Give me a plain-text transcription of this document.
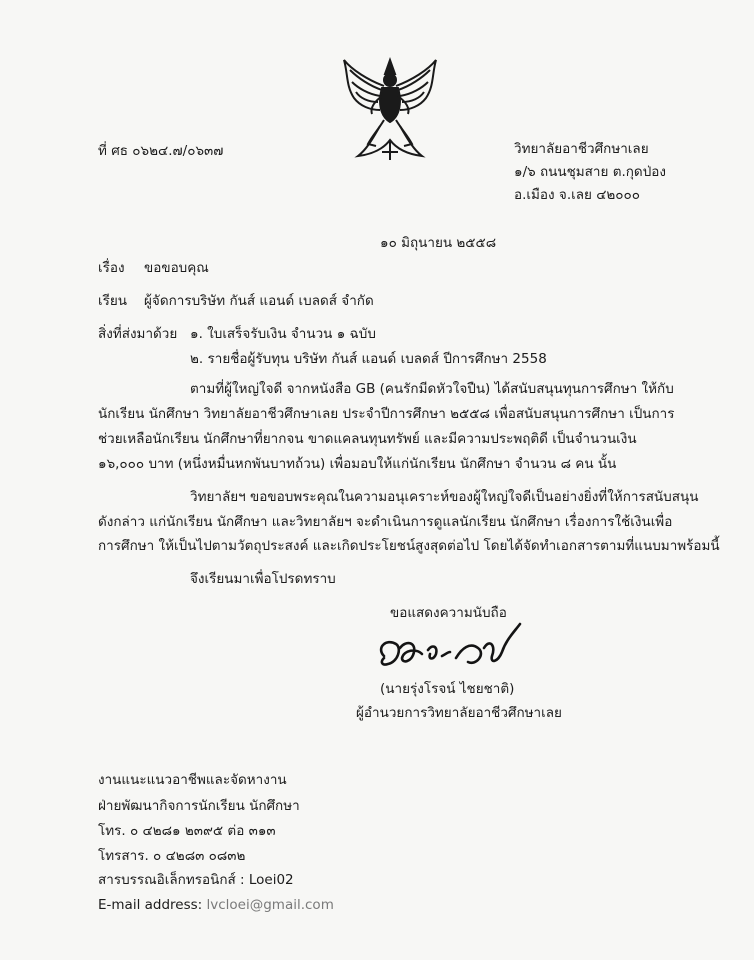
ที่ ศธ ๐๖๒๔.๗/๐๖๓๗	วิทยาลัยอาชีวศึกษาเลย
๑/๖ ถนนชุมสาย ต.กุดป่อง
อ.เมือง จ.เลย ๔๒๐๐๐
๑๐ มิถุนายน ๒๕๕๘
เรื่อง ขอขอบคุณ
เรียน ผู้จัดการบริษัท กันส์ แอนด์ เบลดส์ จำกัด
สิ่งที่ส่งมาด้วย ๑. ใบเสร็จรับเงิน จำนวน ๑ ฉบับ
๒. รายชื่อผู้รับทุน บริษัท กันส์ แอนด์ เบลดส์ ปีการศึกษา 2558
ตามที่ผู้ใหญ่ใจดี จากหนังสือ GB (คนรักมีดหัวใจปืน) ได้สนับสนุนทุนการศึกษา ให้กับ
นักเรียน นักศึกษา วิทยาลัยอาชีวศึกษาเลย ประจำปีการศึกษา ๒๕๕๘ เพื่อสนับสนุนการศึกษา เป็นการ
ช่วยเหลือนักเรียน นักศึกษาที่ยากจน ขาดแคลนทุนทรัพย์ และมีความประพฤติดี เป็นจำนวนเงิน
๑๖,๐๐๐ บาท (หนึ่งหมื่นหกพันบาทถ้วน) เพื่อมอบให้แก่นักเรียน นักศึกษา จำนวน ๘ คน นั้น
วิทยาลัยฯ ขอขอบพระคุณในความอนุเคราะห์ของผู้ใหญ่ใจดีเป็นอย่างยิ่งที่ให้การสนับสนุน
ดังกล่าว แก่นักเรียน นักศึกษา และวิทยาลัยฯ จะดำเนินการดูแลนักเรียน นักศึกษา เรื่องการใช้เงินเพื่อ
การศึกษา ให้เป็นไปตามวัตถุประสงค์ และเกิดประโยชน์สูงสุดต่อไป โดยได้จัดทำเอกสารตามที่แนบมาพร้อมนี้
จึงเรียนมาเพื่อโปรดทราบ
ขอแสดงความนับถือ
(นายรุ่งโรจน์ ไชยชาติ)
ผู้อำนวยการวิทยาลัยอาชีวศึกษาเลย
งานแนะแนวอาชีพและจัดหางาน
ฝ่ายพัฒนากิจการนักเรียน นักศึกษา
โทร. ๐ ๔๒๘๑ ๒๓๙๕ ต่อ ๓๑๓
โทรสาร. ๐ ๔๒๘๓ ๐๘๓๒
สารบรรณอิเล็กทรอนิกส์ : Loei02
E-mail address: lvcloei@gmail.com
